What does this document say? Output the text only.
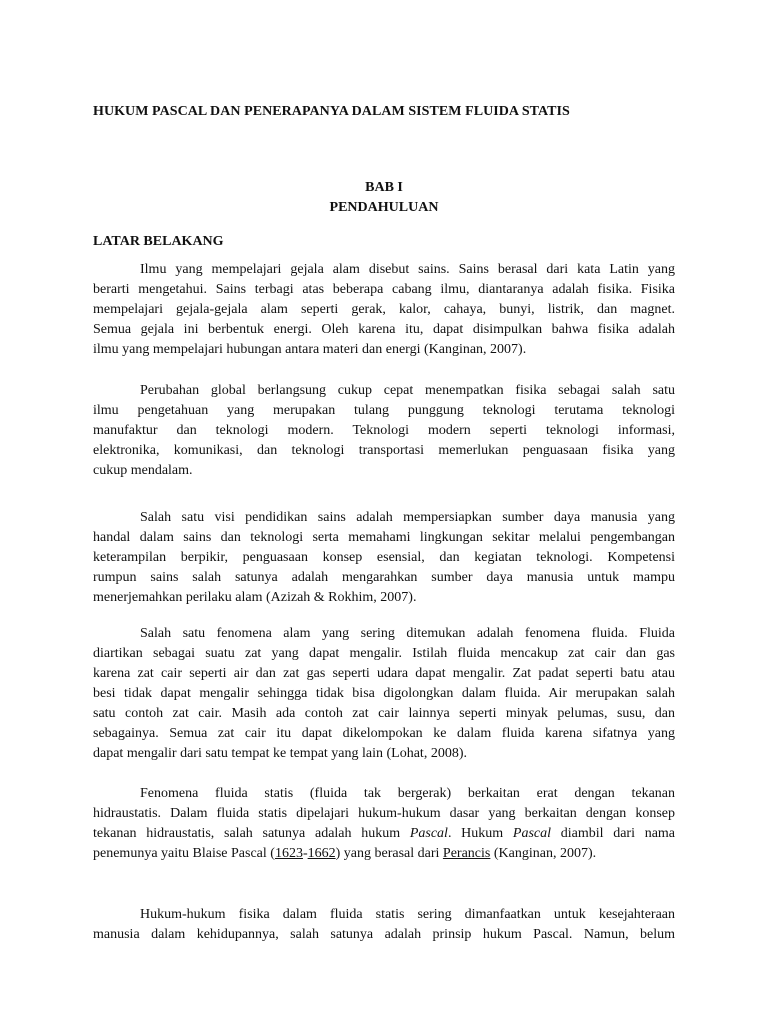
HUKUM PASCAL DAN PENERAPANYA DALAM SISTEM FLUIDA STATIS
BAB I
PENDAHULUAN
LATAR BELAKANG
Ilmu yang mempelajari gejala alam disebut sains. Sains berasal dari kata Latin yang
berarti mengetahui. Sains terbagi atas beberapa cabang ilmu, diantaranya adalah fisika. Fisika
mempelajari gejala-gejala alam seperti gerak, kalor, cahaya, bunyi, listrik, dan magnet.
Semua gejala ini berbentuk energi. Oleh karena itu, dapat disimpulkan bahwa fisika adalah
ilmu yang mempelajari hubungan antara materi dan energi (Kanginan, 2007).
Perubahan global berlangsung cukup cepat menempatkan fisika sebagai salah satu
ilmu pengetahuan yang merupakan tulang punggung teknologi terutama teknologi
manufaktur dan teknologi modern. Teknologi modern seperti teknologi informasi,
elektronika, komunikasi, dan teknologi transportasi memerlukan penguasaan fisika yang
cukup mendalam.
Salah satu visi pendidikan sains adalah mempersiapkan sumber daya manusia yang
handal dalam sains dan teknologi serta memahami lingkungan sekitar melalui pengembangan
keterampilan berpikir, penguasaan konsep esensial, dan kegiatan teknologi. Kompetensi
rumpun sains salah satunya adalah mengarahkan sumber daya manusia untuk mampu
menerjemahkan perilaku alam (Azizah & Rokhim, 2007).
Salah satu fenomena alam yang sering ditemukan adalah fenomena fluida. Fluida
diartikan sebagai suatu zat yang dapat mengalir. Istilah fluida mencakup zat cair dan gas
karena zat cair seperti air dan zat gas seperti udara dapat mengalir. Zat padat seperti batu atau
besi tidak dapat mengalir sehingga tidak bisa digolongkan dalam fluida. Air merupakan salah
satu contoh zat cair. Masih ada contoh zat cair lainnya seperti minyak pelumas, susu, dan
sebagainya. Semua zat cair itu dapat dikelompokan ke dalam fluida karena sifatnya yang
dapat mengalir dari satu tempat ke tempat yang lain (Lohat, 2008).
Fenomena fluida statis (fluida tak bergerak) berkaitan erat dengan tekanan
hidraustatis. Dalam fluida statis dipelajari hukum-hukum dasar yang berkaitan dengan konsep
tekanan hidraustatis, salah satunya adalah hukum Pascal. Hukum Pascal diambil dari nama
penemunya yaitu Blaise Pascal (1623-1662) yang berasal dari Perancis (Kanginan, 2007).
Hukum-hukum fisika dalam fluida statis sering dimanfaatkan untuk kesejahteraan
manusia dalam kehidupannya, salah satunya adalah prinsip hukum Pascal. Namun, belum
